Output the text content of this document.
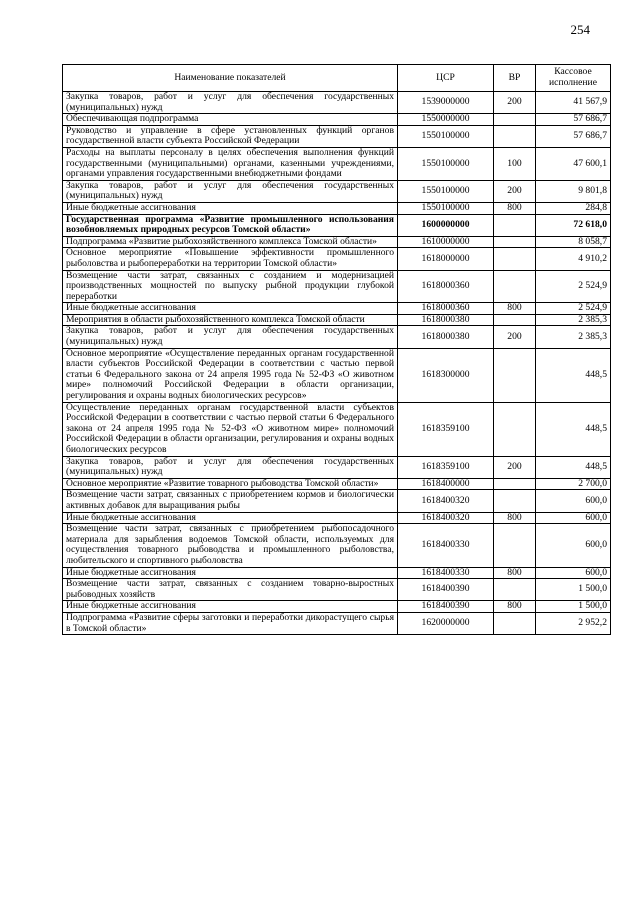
254
Наименование показателей	ЦСР	ВР	Кассовое исполнение
Закупка товаров, работ и услуг для обеспечения государственных (муниципальных) нужд	1539000000	200	41 567,9
Обеспечивающая подпрограмма	1550000000		57 686,7
Руководство и управление в сфере установленных функций органов государственной власти субъекта Российской Федерации	1550100000		57 686,7
Расходы на выплаты персоналу в целях обеспечения выполнения функций государственными (муниципальными) органами, казенными учреждениями, органами управления государственными внебюджетными фондами	1550100000	100	47 600,1
Закупка товаров, работ и услуг для обеспечения государственных (муниципальных) нужд	1550100000	200	9 801,8
Иные бюджетные ассигнования	1550100000	800	284,8
Государственная программа «Развитие промышленного использования возобновляемых природных ресурсов Томской области»	1600000000		72 618,0
Подпрограмма «Развитие рыбохозяйственного комплекса Томской области»	1610000000		8 058,7
Основное мероприятие «Повышение эффективности промышленного рыболовства и рыбопереработки на территории Томской области»	1618000000		4 910,2
Возмещение части затрат, связанных с созданием и модернизацией производственных мощностей по выпуску рыбной продукции глубокой переработки	1618000360		2 524,9
Иные бюджетные ассигнования	1618000360	800	2 524,9
Мероприятия в области рыбохозяйственного комплекса Томской области	1618000380		2 385,3
Закупка товаров, работ и услуг для обеспечения государственных (муниципальных) нужд	1618000380	200	2 385,3
Основное мероприятие «Осуществление переданных органам государственной власти субъектов Российской Федерации в соответствии с частью первой статьи 6 Федерального закона от 24 апреля 1995 года № 52-ФЗ «О животном мире» полномочий Российской Федерации в области организации, регулирования и охраны водных биологических ресурсов»	1618300000		448,5
Осуществление переданных органам государственной власти субъектов Российской Федерации в соответствии с частью первой статьи 6 Федерального закона от 24 апреля 1995 года № 52-ФЗ «О животном мире» полномочий Российской Федерации в области организации, регулирования и охраны водных биологических ресурсов	1618359100		448,5
Закупка товаров, работ и услуг для обеспечения государственных (муниципальных) нужд	1618359100	200	448,5
Основное мероприятие «Развитие товарного рыбоводства Томской области»	1618400000		2 700,0
Возмещение части затрат, связанных с приобретением кормов и биологически активных добавок для выращивания рыбы	1618400320		600,0
Иные бюджетные ассигнования	1618400320	800	600,0
Возмещение части затрат, связанных с приобретением рыбопосадочного материала для зарыбления водоемов Томской области, используемых для осуществления товарного рыбоводства и промышленного рыболовства, любительского и спортивного рыболовства	1618400330		600,0
Иные бюджетные ассигнования	1618400330	800	600,0
Возмещение части затрат, связанных с созданием товарно-выростных рыбоводных хозяйств	1618400390		1 500,0
Иные бюджетные ассигнования	1618400390	800	1 500,0
Подпрограмма «Развитие сферы заготовки и переработки дикорастущего сырья в Томской области»	1620000000		2 952,2
